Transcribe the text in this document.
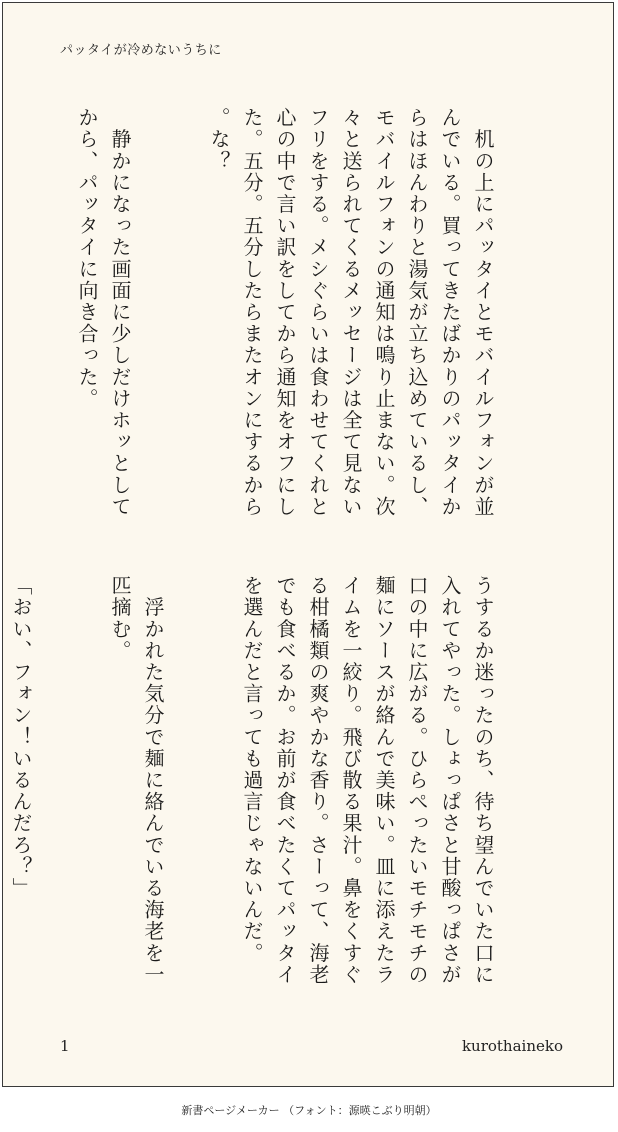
パッタイが冷めないうちに

　机の上にパッタイとモバイルフォンが並んでいる。買ってきたばかりのパッタイからはほんわりと湯気が立ち込めているし、モバイルフォンの通知は鳴り止まない。次々と送られてくるメッセージは全て見ないフリをする。メシぐらいは食わせてくれと心の中で言い訳をしてから通知をオフにした。五分。五分したらまたオンにするから。な？

　静かになった画面に少しだけホッとしてから、パッタイに向き合った。

うするか迷ったのち、待ち望んでいた口に入れてやった。しょっぱさと甘酸っぱさが口の中に広がる。ひらぺったいモチモチの麺にソースが絡んで美味い。皿に添えたライムを一絞り。飛び散る果汁。鼻をくすぐる柑橘類の爽やかな香り。さーって、海老でも食べるか。お前が食べたくてパッタイを選んだと言っても過言じゃないんだ。

　浮かれた気分で麺に絡んでいる海老を一匹摘む。

「おい、フォン！いるんだろ？」

1	kurothaineko
新書ページメーカー （フォント：源暎こぶり明朝）
